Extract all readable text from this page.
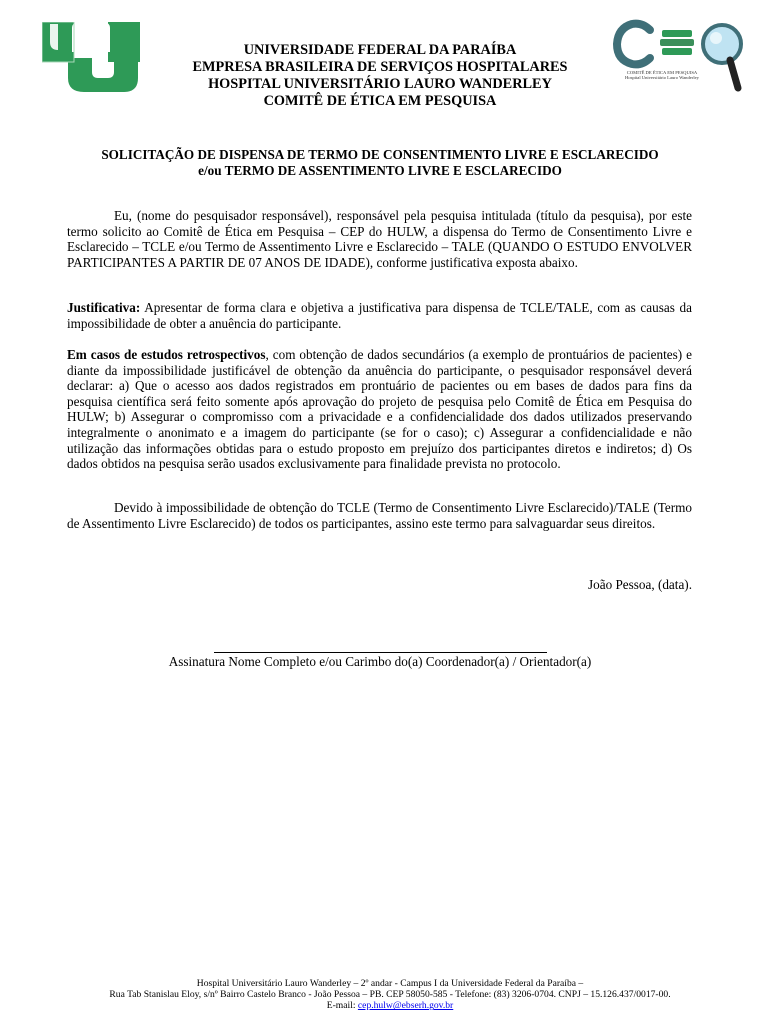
COMITÊ DE ÉTICA EM PESQUISA
Hospital Universitário Lauro Wanderley
UNIVERSIDADE FEDERAL DA PARAÍBA
EMPRESA BRASILEIRA DE SERVIÇOS HOSPITALARES
HOSPITAL UNIVERSITÁRIO LAURO WANDERLEY
COMITÊ DE ÉTICA EM PESQUISA
SOLICITAÇÃO DE DISPENSA DE TERMO DE CONSENTIMENTO LIVRE E ESCLARECIDO
e/ou TERMO DE ASSENTIMENTO LIVRE E ESCLARECIDO
Eu, (nome do pesquisador responsável), responsável pela pesquisa intitulada (título da pesquisa), por este termo solicito ao Comitê de Ética em Pesquisa – CEP do HULW, a dispensa do Termo de Consentimento Livre e Esclarecido – TCLE e/ou Termo de Assentimento Livre e Esclarecido – TALE (QUANDO O ESTUDO ENVOLVER PARTICIPANTES A PARTIR DE 07 ANOS DE IDADE), conforme justificativa exposta abaixo.
Justificativa: Apresentar de forma clara e objetiva a justificativa para dispensa de TCLE/TALE, com as causas da impossibilidade de obter a anuência do participante.
Em casos de estudos retrospectivos, com obtenção de dados secundários (a exemplo de prontuários de pacientes) e diante da impossibilidade justificável de obtenção da anuência do participante, o pesquisador responsável deverá declarar: a) Que o acesso aos dados registrados em prontuário de pacientes ou em bases de dados para fins da pesquisa científica será feito somente após aprovação do projeto de pesquisa pelo Comitê de Ética em Pesquisa do HULW; b) Assegurar o compromisso com a privacidade e a confidencialidade dos dados utilizados preservando integralmente o anonimato e a imagem do participante (se for o caso); c) Assegurar a confidencialidade e não utilização das informações obtidas para o estudo proposto em prejuízo dos participantes diretos e indiretos; d) Os dados obtidos na pesquisa serão usados exclusivamente para finalidade prevista no protocolo.
Devido à impossibilidade de obtenção do TCLE (Termo de Consentimento Livre Esclarecido)/TALE (Termo de Assentimento Livre Esclarecido) de todos os participantes, assino este termo para salvaguardar seus direitos.
João Pessoa, (data).
Assinatura Nome Completo e/ou Carimbo do(a) Coordenador(a) / Orientador(a)
Hospital Universitário Lauro Wanderley – 2º andar - Campus I da Universidade Federal da Paraíba –
Rua Tab Stanislau Eloy, s/nº Bairro Castelo Branco - João Pessoa – PB. CEP 58050-585 - Telefone: (83) 3206-0704. CNPJ – 15.126.437/0017-00.
E-mail: cep.hulw@ebserh.gov.br
